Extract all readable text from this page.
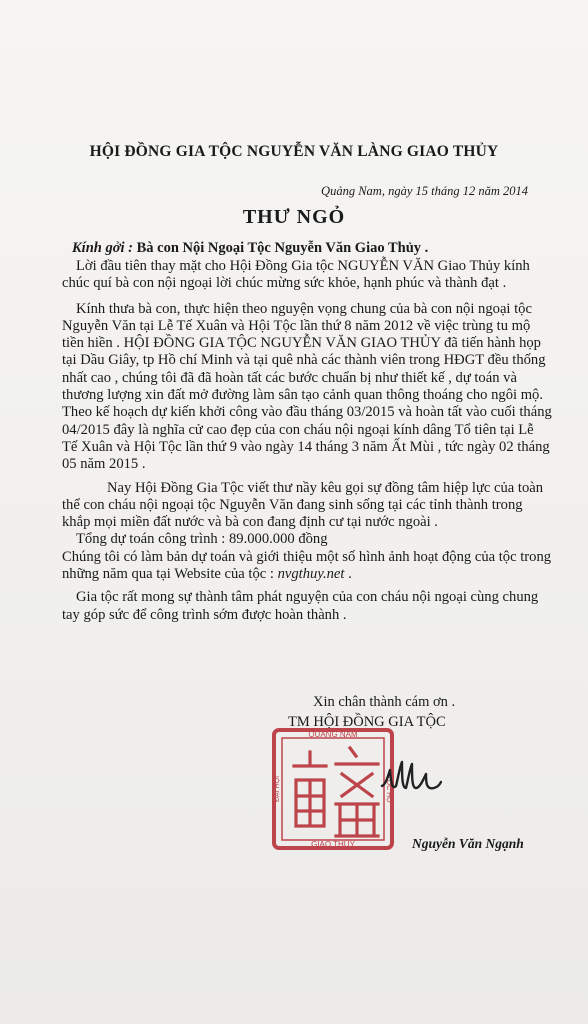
HỘI ĐỒNG GIA TỘC NGUYỄN VĂN LÀNG GIAO THỦY
Quảng Nam, ngày 15 tháng 12 năm 2014
THƯ NGỎ
Kính gởi : Bà con Nội Ngoại Tộc Nguyễn Văn Giao Thủy .

Lời đầu tiên thay mặt cho Hội Đồng Gia tộc NGUYỄN VĂN Giao Thủy kính chúc quí bà con nội ngoại lời chúc mừng sức khỏe, hạnh phúc và thành đạt .

Kính thưa bà con, thực hiện theo nguyện vọng chung của bà con nội ngoại tộc Nguyễn Văn tại Lễ Tế Xuân và Hội Tộc lần thứ 8 năm 2012 về việc trùng tu mộ tiền hiền . HỘI ĐỒNG GIA TỘC NGUYỄN VĂN GIAO THỦY đã tiến hành họp tại Dầu Giây, tp Hồ chí Minh và tại quê nhà các thành viên trong HĐGT đều thống nhất cao , chúng tôi đã đã hoàn tất các bước chuẩn bị như thiết kế , dự toán và thương lượng xin đất mở đường làm sân tạo cảnh quan thông thoáng cho ngôi mộ. Theo kế hoạch dự kiến khởi công vào đầu tháng 03/2015 và hoàn tất vào cuối tháng 04/2015 đây là nghĩa cử cao đẹp của con cháu nội ngoại kính dâng Tổ tiên tại Lễ Tế Xuân và Hội Tộc lần thứ 9 vào ngày 14 tháng 3 năm Ất Mùi , tức ngày 02 tháng 05 năm 2015 .

Nay Hội Đồng Gia Tộc viết thư nầy kêu gọi sự đồng tâm hiệp lực của toàn thể con cháu nội ngoại tộc Nguyễn Văn đang sinh sống tại các tỉnh thành trong khắp mọi miền đất nước và bà con đang định cư tại nước ngoài .

Tổng dự toán công trình : 89.000.000 đồng

Chúng tôi có làm bản dự toán và giới thiệu một số hình ảnh hoạt động của tộc trong những năm qua tại Website của tộc : nvgthuy.net .

Gia tộc rất mong sự thành tâm phát nguyện của con cháu nội ngoại cùng chung tay góp sức để công trình sớm được hoàn thành .

Xin chân thành cám ơn .
TM HỘI ĐỒNG GIA TỘC
QUẢNG NAM
GIAO THỦY
ĐẠI HỘI	TỘC HỌ
Nguyễn Văn Ngạnh
